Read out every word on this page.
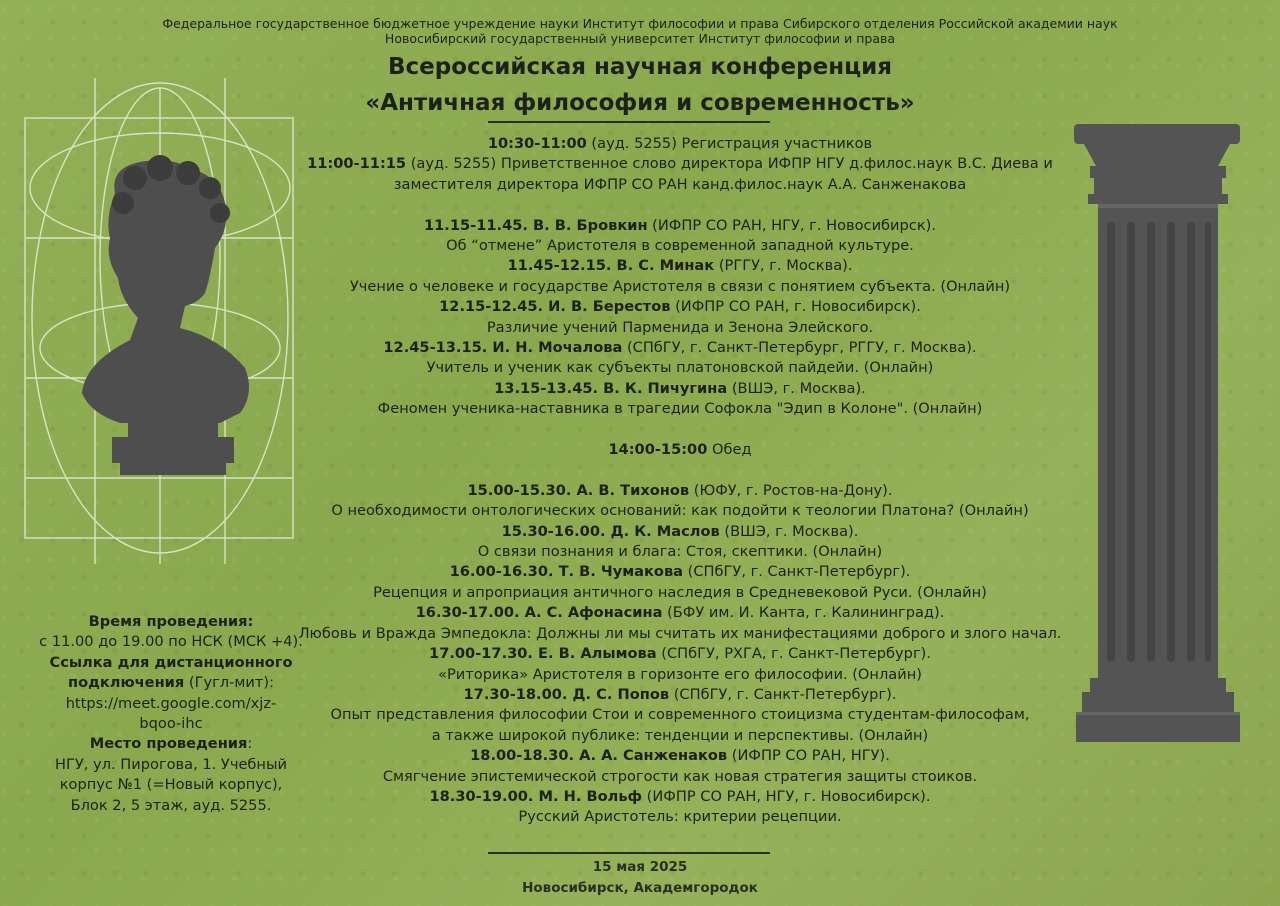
Федеральное государственное бюджетное учреждение науки Институт философии и права Сибирского отделения Российской академии наук
Новосибирский государственный университет Институт философии и права
Всероссийская научная конференция
«Античная философия и современность»
10:30-11:00 (ауд. 5255) Регистрация участников
11:00-11:15 (ауд. 5255) Приветственное слово директора ИФПР НГУ д.филос.наук В.С. Диева и
заместителя директора ИФПР СО РАН канд.филос.наук А.А. Санженакова
11.15-11.45. В. В. Бровкин (ИФПР СО РАН, НГУ, г. Новосибирск).
Об “отмене” Аристотеля в современной западной культуре.
11.45-12.15. В. С. Минак (РГГУ, г. Москва).
Учение о человеке и государстве Аристотеля в связи с понятием субъекта. (Онлайн)
12.15-12.45. И. В. Берестов (ИФПР СО РАН, г. Новосибирск).
Различие учений Парменида и Зенона Элейского.
12.45-13.15. И. Н. Мочалова (СПбГУ, г. Санкт-Петербург, РГГУ, г. Москва).
Учитель и ученик как субъекты платоновской пайдейи. (Онлайн)
13.15-13.45. В. К. Пичугина (ВШЭ, г. Москва).
Феномен ученика-наставника в трагедии Софокла "Эдип в Колоне". (Онлайн)
14:00-15:00 Обед
15.00-15.30. А. В. Тихонов (ЮФУ, г. Ростов-на-Дону).
О необходимости онтологических оснований: как подойти к теологии Платона? (Онлайн)
15.30-16.00. Д. К. Маслов (ВШЭ, г. Москва).
О связи познания и блага: Стоя, скептики. (Онлайн)
16.00-16.30. Т. В. Чумакова (СПбГУ, г. Санкт-Петербург).
Рецепция и апроприация античного наследия в Средневековой Руси. (Онлайн)
16.30-17.00. А. С. Афонасина (БФУ им. И. Канта, г. Калининград).
Любовь и Вражда Эмпедокла: Должны ли мы считать их манифестациями доброго и злого начал.
17.00-17.30. Е. В. Алымова (СПбГУ, РХГА, г. Санкт-Петербург).
«Риторика» Аристотеля в горизонте его философии. (Онлайн)
17.30-18.00. Д. С. Попов (СПбГУ, г. Санкт-Петербург).
Опыт представления философии Стои и современного стоицизма студентам-философам,
а также широкой публике: тенденции и перспективы. (Онлайн)
18.00-18.30. А. А. Санженаков (ИФПР СО РАН, НГУ).
Смягчение эпистемической строгости как новая стратегия защиты стоиков.
18.30-19.00. М. Н. Вольф (ИФПР СО РАН, НГУ, г. Новосибирск).
Русский Аристотель: критерии рецепции.
Время проведения:
с 11.00 до 19.00 по НСК (МСК +4).
Ссылка для дистанционного
подключения (Гугл-мит):
https://meet.google.com/xjz-bqoo-ihc
Место проведения:
НГУ, ул. Пирогова, 1. Учебный корпус №1 (=Новый корпус), Блок 2, 5 этаж, ауд. 5255.
15 мая 2025
Новосибирск, Академгородок
